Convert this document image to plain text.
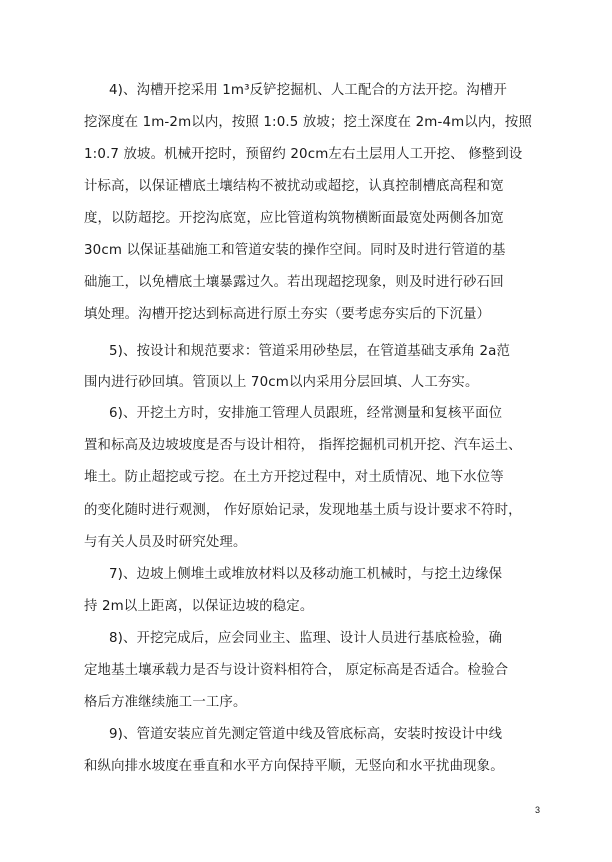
4)、沟槽开挖采用 1m³反铲挖掘机、人工配合的方法开挖。沟槽开
挖深度在 1m-2m以内，按照 1:0.5 放坡；挖土深度在 2m-4m以内，按照
1:0.7 放坡。机械开挖时，预留约 20cm左右土层用人工开挖、 修整到设
计标高，以保证槽底土壤结构不被扰动或超挖，认真控制槽底高程和宽
度，以防超挖。开挖沟底宽，应比管道构筑物横断面最宽处两侧各加宽
30cm 以保证基础施工和管道安装的操作空间。同时及时进行管道的基
础施工，以免槽底土壤暴露过久。若出现超挖现象，则及时进行砂石回
填处理。沟槽开挖达到标高进行原土夯实（要考虑夯实后的下沉量）
5)、按设计和规范要求：管道采用砂垫层，在管道基础支承角 2a范
围内进行砂回填。管顶以上 70cm以内采用分层回填、人工夯实。
6)、开挖土方时，安排施工管理人员跟班，经常测量和复核平面位
置和标高及边坡坡度是否与设计相符， 指挥挖掘机司机开挖、汽车运土、
堆土。防止超挖或亏挖。在土方开挖过程中，对土质情况、地下水位等
的变化随时进行观测， 作好原始记录，发现地基土质与设计要求不符时，
与有关人员及时研究处理。
7)、边坡上侧堆土或堆放材料以及移动施工机械时，与挖土边缘保
持 2m以上距离，以保证边坡的稳定。
8)、开挖完成后，应会同业主、监理、设计人员进行基底检验，确
定地基土壤承载力是否与设计资料相符合， 原定标高是否适合。检验合
格后方准继续施工一工序。
9)、管道安装应首先测定管道中线及管底标高，安装时按设计中线
和纵向排水坡度在垂直和水平方向保持平顺，无竖向和水平扰曲现象。
3
